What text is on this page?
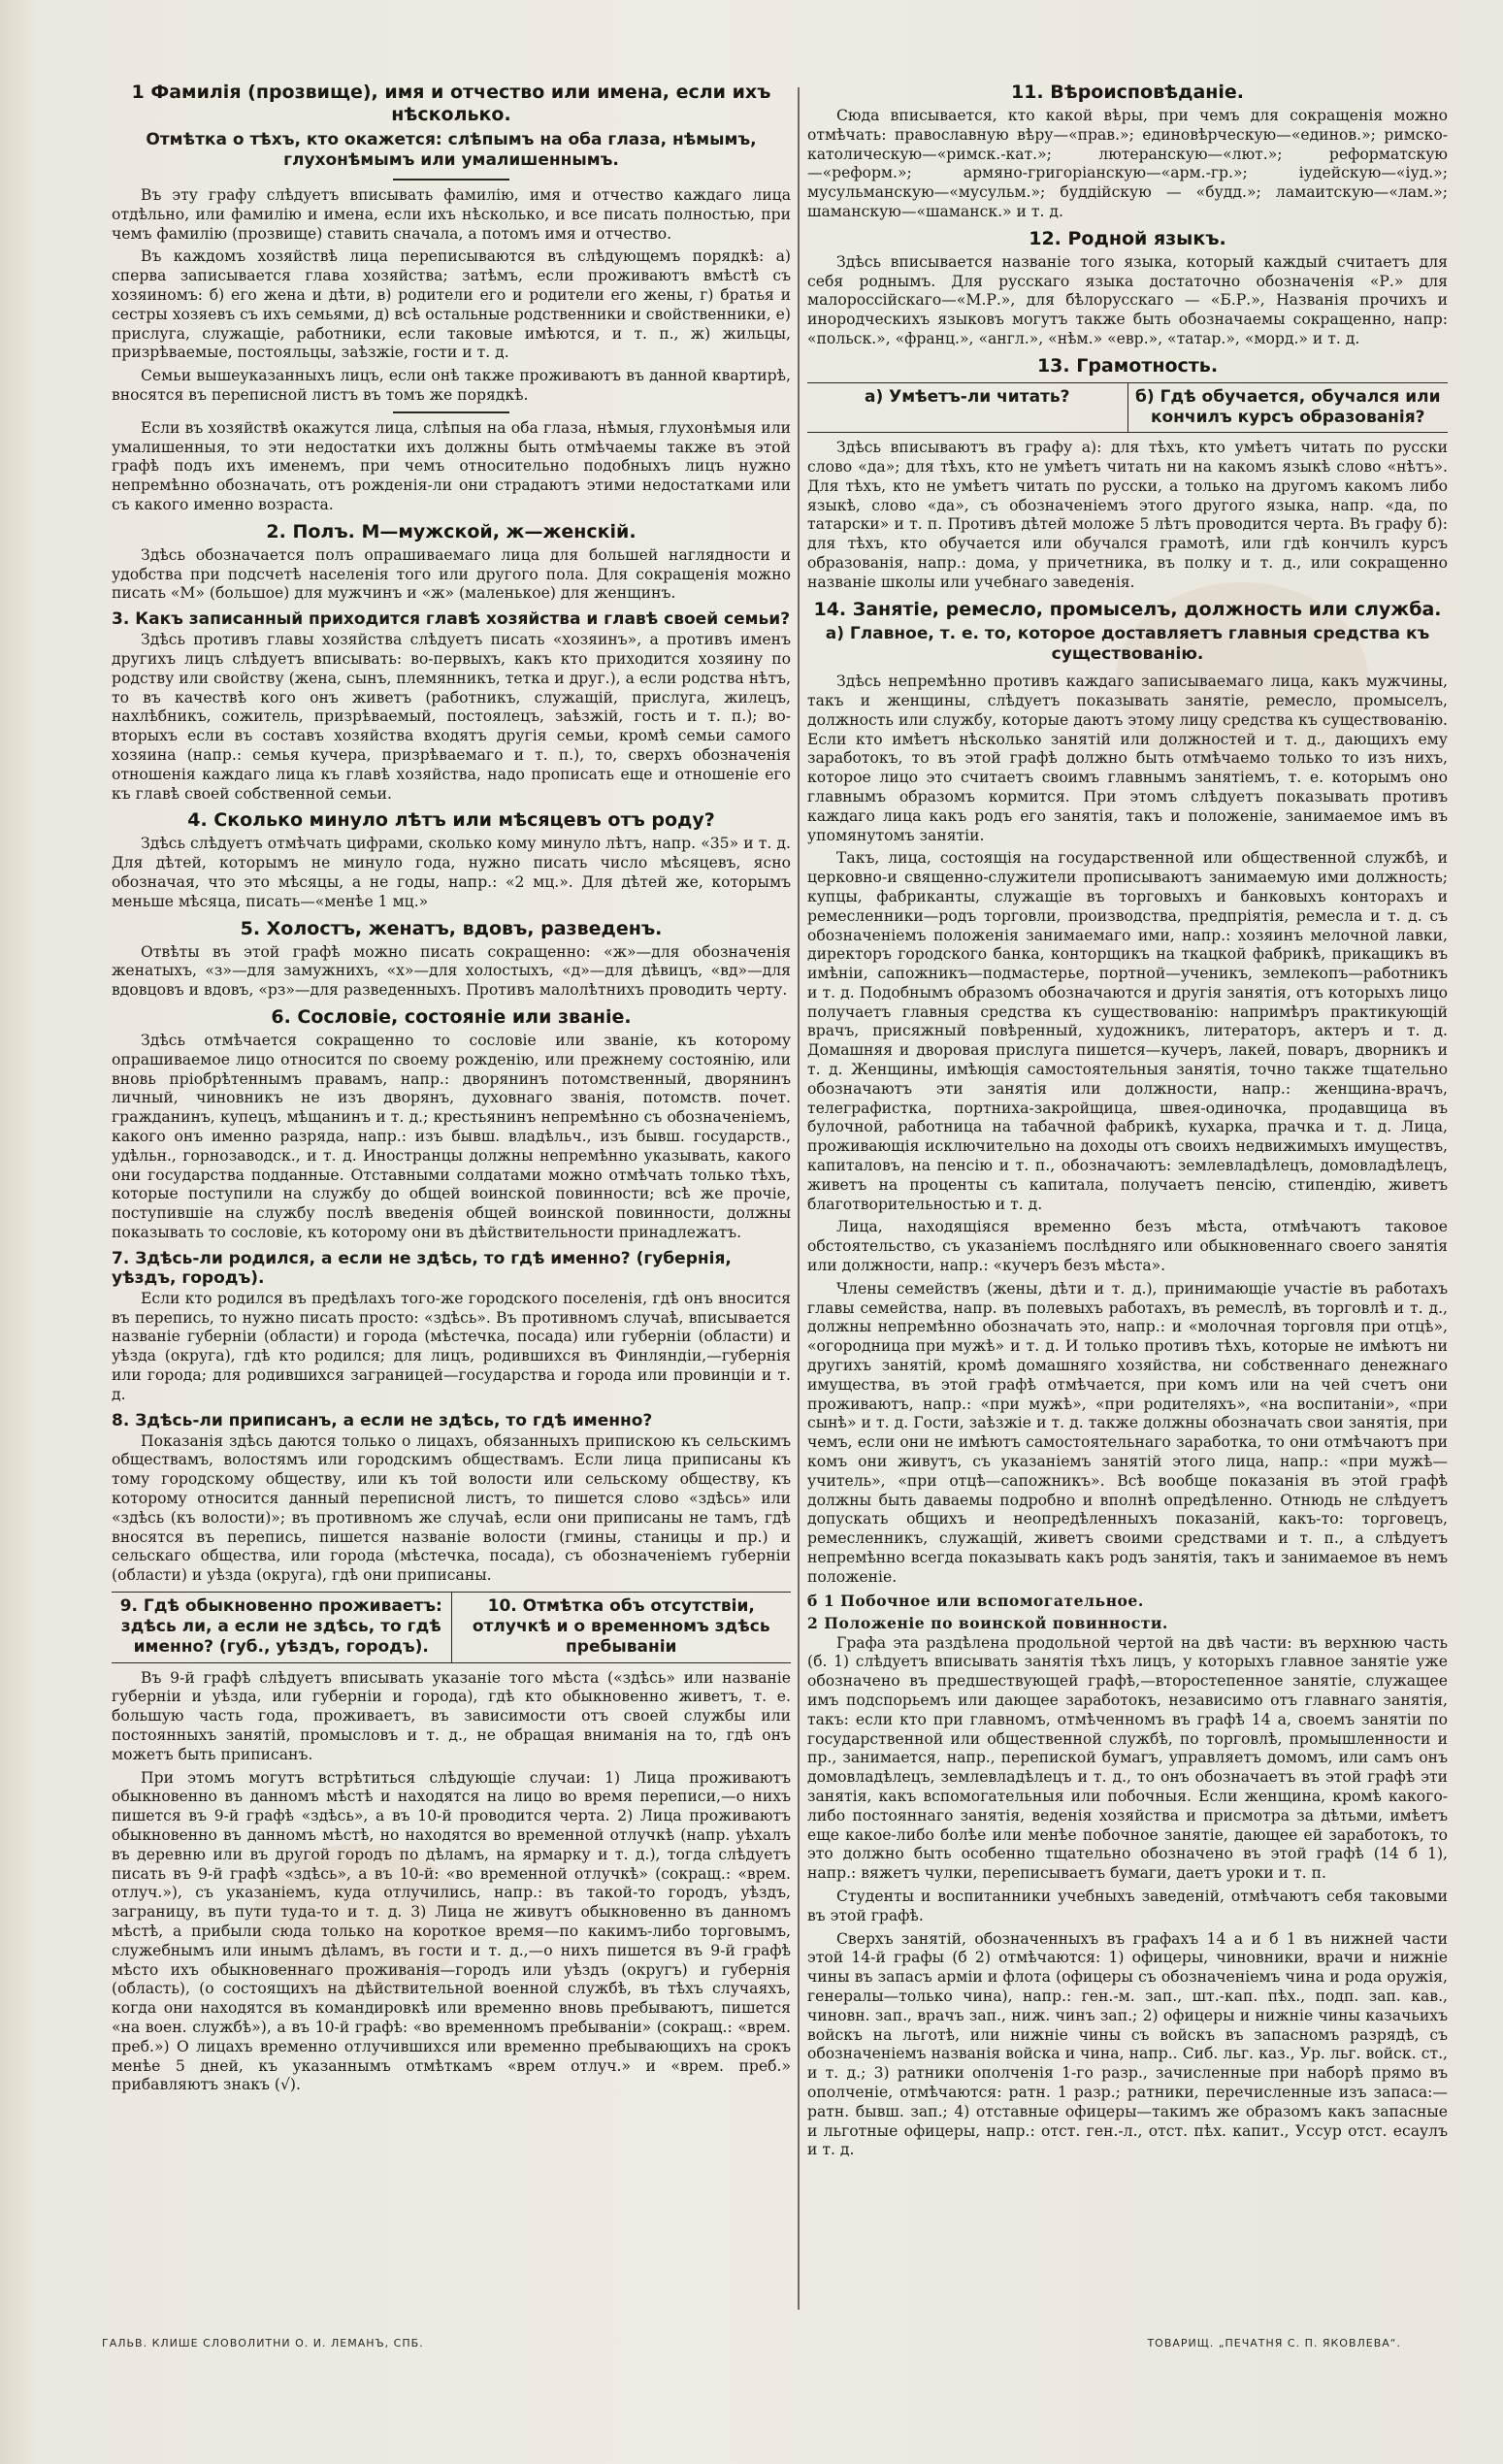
1 Фамилія (прозвище), имя и отчество или имена, если ихъ нѣсколько.
Отмѣтка о тѣхъ, кто окажется: слѣпымъ на оба глаза, нѣмымъ, глухонѣмымъ или умалишеннымъ.

Въ эту графу слѣдуетъ вписывать фамилію, имя и отчество каждаго лица отдѣльно, или фамилію и имена, если ихъ нѣсколько, и все писать полностью, при чемъ фамилію (прозвище) ставить сначала, а потомъ имя и отчество.

Въ каждомъ хозяйствѣ лица переписываются въ слѣдующемъ порядкѣ: а) сперва записывается глава хозяйства; затѣмъ, если проживаютъ вмѣстѣ съ хозяиномъ: б) его жена и дѣти, в) родители его и родители его жены, г) братья и сестры хозяевъ съ ихъ семьями, д) всѣ остальные родственники и свойственники, е) прислуга, служащіе, работники, если таковые имѣются, и т. п., ж) жильцы, призрѣваемые, постояльцы, заѣзжіе, гости и т. д.

Семьи вышеуказанныхъ лицъ, если онѣ также проживаютъ въ данной квартирѣ, вносятся въ переписной листъ въ томъ же порядкѣ.

Если въ хозяйствѣ окажутся лица, слѣпыя на оба глаза, нѣмыя, глухонѣмыя или умалишенныя, то эти недостатки ихъ должны быть отмѣчаемы также въ этой графѣ подъ ихъ именемъ, при чемъ относительно подобныхъ лицъ нужно непремѣнно обозначать, отъ рожденія-ли они страдаютъ этими недостатками или съ какого именно возраста.

2. Полъ. М—мужской, ж—женскій.

Здѣсь обозначается полъ опрашиваемаго лица для большей наглядности и удобства при подсчетѣ населенія того или другого пола. Для сокращенія можно писать «М» (большое) для мужчинъ и «ж» (маленькое) для женщинъ.

3. Какъ записанный приходится главѣ хозяйства и главѣ своей семьи?

Здѣсь противъ главы хозяйства слѣдуетъ писать «хозяинъ», а противъ именъ другихъ лицъ слѣдуетъ вписывать: во-первыхъ, какъ кто приходится хозяину по родству или свойству (жена, сынъ, племянникъ, тетка и друг.), а если родства нѣтъ, то въ качествѣ кого онъ живетъ (работникъ, служащій, прислуга, жилецъ, нахлѣбникъ, сожитель, призрѣваемый, постоялецъ, заѣзжій, гость и т. п.); во-вторыхъ если въ составъ хозяйства входятъ другія семьи, кромѣ семьи самого хозяина (напр.: семья кучера, призрѣваемаго и т. п.), то, сверхъ обозначенія отношенія каждаго лица къ главѣ хозяйства, надо прописать еще и отношеніе его къ главѣ своей собственной семьи.

4. Сколько минуло лѣтъ или мѣсяцевъ отъ роду?

Здѣсь слѣдуетъ отмѣчать цифрами, сколько кому минуло лѣтъ, напр. «35» и т. д. Для дѣтей, которымъ не минуло года, нужно писать число мѣсяцевъ, ясно обозначая, что это мѣсяцы, а не годы, напр.: «2 мц.». Для дѣтей же, которымъ меньше мѣсяца, писать—«менѣе 1 мц.»

5. Холостъ, женатъ, вдовъ, разведенъ.

Отвѣты въ этой графѣ можно писать сокращенно: «ж»—для обозначенія женатыхъ, «з»—для замужнихъ, «х»—для холостыхъ, «д»—для дѣвицъ, «вд»—для вдовцовъ и вдовъ, «рз»—для разведенныхъ. Противъ малолѣтнихъ проводить черту.

6. Сословіе, состояніе или званіе.

Здѣсь отмѣчается сокращенно то сословіе или званіе, къ которому опрашиваемое лицо относится по своему рожденію, или прежнему состоянію, или вновь пріобрѣтеннымъ правамъ, напр.: дворянинъ потомственный, дворянинъ личный, чиновникъ не изъ дворянъ, духовнаго званія, потомств. почет. гражданинъ, купецъ, мѣщанинъ и т. д.; крестьянинъ непремѣнно съ обозначеніемъ, какого онъ именно разряда, напр.: изъ бывш. владѣльч., изъ бывш. государств., удѣльн., горнозаводск., и т. д. Иностранцы должны непремѣнно указывать, какого они государства подданные. Отставными солдатами можно отмѣчать только тѣхъ, которые поступили на службу до общей воинской повинности; всѣ же прочіе, поступившіе на службу послѣ введенія общей воинской повинности, должны показывать то сословіе, къ которому они въ дѣйствительности принадлежатъ.

7. Здѣсь-ли родился, а если не здѣсь, то гдѣ именно? (губернія, уѣздъ, городъ).

Если кто родился въ предѣлахъ того-же городского поселенія, гдѣ онъ вносится въ перепись, то нужно писать просто: «здѣсь». Въ противномъ случаѣ, вписывается названіе губерніи (области) и города (мѣстечка, посада) или губерніи (области) и уѣзда (округа), гдѣ кто родился; для лицъ, родившихся въ Финляндіи,—губернія или города; для родившихся заграницей—государства и города или провинціи и т. д.

8. Здѣсь-ли приписанъ, а если не здѣсь, то гдѣ именно?

Показанія здѣсь даются только о лицахъ, обязанныхъ припискою къ сельскимъ обществамъ, волостямъ или городскимъ обществамъ. Если лица приписаны къ тому городскому обществу, или къ той волости или сельскому обществу, къ которому относится данный переписной листъ, то пишется слово «здѣсь» или «здѣсь (къ волости)»; въ противномъ же случаѣ, если они приписаны не тамъ, гдѣ вносятся въ перепись, пишется названіе волости (гмины, станицы и пр.) и сельскаго общества, или города (мѣстечка, посада), съ обозначеніемъ губерніи (области) и уѣзда (округа), гдѣ они приписаны.

9. Гдѣ обыкновенно проживаетъ: здѣсь ли, а если не здѣсь, то гдѣ именно? (губ., уѣздъ, городъ).
10. Отмѣтка объ отсутствіи, отлучкѣ и о временномъ здѣсь пребываніи

Въ 9-й графѣ слѣдуетъ вписывать указаніе того мѣста («здѣсь» или названіе губерніи и уѣзда, или губерніи и города), гдѣ кто обыкновенно живетъ, т. е. большую часть года, проживаетъ, въ зависимости отъ своей службы или постоянныхъ занятій, промысловъ и т. д., не обращая вниманія на то, гдѣ онъ можетъ быть приписанъ.

При этомъ могутъ встрѣтиться слѣдующіе случаи: 1) Лица проживаютъ обыкновенно въ данномъ мѣстѣ и находятся на лицо во время переписи,—о нихъ пишется въ 9-й графѣ «здѣсь», а въ 10-й проводится черта. 2) Лица проживаютъ обыкновенно въ данномъ мѣстѣ, но находятся во временной отлучкѣ (напр. уѣхалъ въ деревню или въ другой городъ по дѣламъ, на ярмарку и т. д.), тогда слѣдуетъ писать въ 9-й графѣ «здѣсь», а въ 10-й: «во временной отлучкѣ» (сокращ.: «врем. отлуч.»), съ указаніемъ, куда отлучились, напр.: въ такой-то городъ, уѣздъ, заграницу, въ пути туда-то и т. д. 3) Лица не живутъ обыкновенно въ данномъ мѣстѣ, а прибыли сюда только на короткое время—по какимъ-либо торговымъ, служебнымъ или инымъ дѣламъ, въ гости и т. д.,—о нихъ пишется въ 9-й графѣ мѣсто ихъ обыкновеннаго проживанія—городъ или уѣздъ (округъ) и губернія (область), (о состоящихъ на дѣйствительной военной службѣ, въ тѣхъ случаяхъ, когда они находятся въ командировкѣ или временно вновь пребываютъ, пишется «на воен. службѣ»), а въ 10-й графѣ: «во временномъ пребываніи» (сокращ.: «врем. преб.») О лицахъ временно отлучившихся или временно пребывающихъ на срокъ менѣе 5 дней, къ указаннымъ отмѣткамъ «врем отлуч.» и «врем. преб.» прибавляютъ знакъ (√).

11. Вѣроисповѣданіе.

Сюда вписывается, кто какой вѣры, при чемъ для сокращенія можно отмѣчать: православную вѣру—«прав.»; единовѣрческую—«единов.»; римско-католическую—«римск.-кат.»; лютеранскую—«лют.»; реформатскую—«реформ.»; армяно-григоріанскую—«арм.-гр.»; іудейскую—«іуд.»; мусульманскую—«мусульм.»; буддійскую — «будд.»; ламаитскую—«лам.»; шаманскую—«шаманск.» и т. д.

12. Родной языкъ.

Здѣсь вписывается названіе того языка, который каждый считаетъ для себя роднымъ. Для русскаго языка достаточно обозначенія «Р.» для малороссійскаго—«М.Р.», для бѣлорусскаго — «Б.Р.», Названія прочихъ и инородческихъ языковъ могутъ также быть обозначаемы сокращенно, напр: «польск.», «франц.», «англ.», «нѣм.» «евр.», «татар.», «морд.» и т. д.

13. Грамотность.
а) Умѣетъ-ли читать?	б) Гдѣ обучается, обучался или кончилъ курсъ образованія?

Здѣсь вписываютъ въ графу а): для тѣхъ, кто умѣетъ читать по русски слово «да»; для тѣхъ, кто не умѣетъ читать ни на какомъ языкѣ слово «нѣтъ». Для тѣхъ, кто не умѣетъ читать по русски, а только на другомъ какомъ либо языкѣ, слово «да», съ обозначеніемъ этого другого языка, напр. «да, по татарски» и т. п. Противъ дѣтей моложе 5 лѣтъ проводится черта. Въ графу б): для тѣхъ, кто обучается или обучался грамотѣ, или гдѣ кончилъ курсъ образованія, напр.: дома, у причетника, въ полку и т. д., или сокращенно названіе школы или учебнаго заведенія.

14. Занятіе, ремесло, промыселъ, должность или служба.
а) Главное, т. е. то, которое доставляетъ главныя средства къ существованію.

Здѣсь непремѣнно противъ каждаго записываемаго лица, какъ мужчины, такъ и женщины, слѣдуетъ показывать занятіе, ремесло, промыселъ, должность или службу, которые даютъ этому лицу средства къ существованію. Если кто имѣетъ нѣсколько занятій или должностей и т. д., дающихъ ему заработокъ, то въ этой графѣ должно быть отмѣчаемо только то изъ нихъ, которое лицо это считаетъ своимъ главнымъ занятіемъ, т. е. которымъ оно главнымъ образомъ кормится. При этомъ слѣдуетъ показывать противъ каждаго лица какъ родъ его занятія, такъ и положеніе, занимаемое имъ въ упомянутомъ занятіи.

Такъ, лица, состоящія на государственной или общественной службѣ, и церковно-и священно-служители прописываютъ занимаемую ими должность; купцы, фабриканты, служащіе въ торговыхъ и банковыхъ конторахъ и ремесленники—родъ торговли, производства, предпріятія, ремесла и т. д. съ обозначеніемъ положенія занимаемаго ими, напр.: хозяинъ мелочной лавки, директоръ городского банка, конторщикъ на ткацкой фабрикѣ, прикащикъ въ имѣніи, сапожникъ—подмастерье, портной—ученикъ, землекопъ—работникъ и т. д. Подобнымъ образомъ обозначаются и другія занятія, отъ которыхъ лицо получаетъ главныя средства къ существованію: напримѣръ практикующій врачъ, присяжный повѣренный, художникъ, литераторъ, актеръ и т. д. Домашняя и дворовая прислуга пишется—кучеръ, лакей, поваръ, дворникъ и т. д. Женщины, имѣющія самостоятельныя занятія, точно также тщательно обозначаютъ эти занятія или должности, напр.: женщина-врачъ, телеграфистка, портниха-закройщица, швея-одиночка, продавщица въ булочной, работница на табачной фабрикѣ, кухарка, прачка и т. д. Лица, проживающія исключительно на доходы отъ своихъ недвижимыхъ имуществъ, капиталовъ, на пенсію и т. п., обозначаютъ: землевладѣлецъ, домовладѣлецъ, живетъ на проценты съ капитала, получаетъ пенсію, стипендію, живетъ благотворительностью и т. д.

Лица, находящіяся временно безъ мѣста, отмѣчаютъ таковое обстоятельство, съ указаніемъ послѣдняго или обыкновеннаго своего занятія или должности, напр.: «кучеръ безъ мѣста».

Члены семействъ (жены, дѣти и т. д.), принимающіе участіе въ работахъ главы семейства, напр. въ полевыхъ работахъ, въ ремеслѣ, въ торговлѣ и т. д., должны непремѣнно обозначать это, напр.: и «молочная торговля при отцѣ», «огородница при мужѣ» и т. д. И только противъ тѣхъ, которые не имѣютъ ни другихъ занятій, кромѣ домашняго хозяйства, ни собственнаго денежнаго имущества, въ этой графѣ отмѣчается, при комъ или на чей счетъ они проживаютъ, напр.: «при мужѣ», «при родителяхъ», «на воспитаніи», «при сынѣ» и т. д. Гости, заѣзжіе и т. д. также должны обозначать свои занятія, при чемъ, если они не имѣютъ самостоятельнаго заработка, то они отмѣчаютъ при комъ они живутъ, съ указаніемъ занятій этого лица, напр.: «при мужѣ—учитель», «при отцѣ—сапожникъ». Всѣ вообще показанія въ этой графѣ должны быть даваемы подробно и вполнѣ опредѣленно. Отнюдь не слѣдуетъ допускать общихъ и неопредѣленныхъ показаній, какъ-то: торговецъ, ремесленникъ, служащій, живетъ своими средствами и т. п., а слѣдуетъ непремѣнно всегда показывать какъ родъ занятія, такъ и занимаемое въ немъ положеніе.

б 1 Побочное или вспомогательное.
2 Положеніе по воинской повинности.

Графа эта раздѣлена продольной чертой на двѣ части: въ верхнюю часть (б. 1) слѣдуетъ вписывать занятія тѣхъ лицъ, у которыхъ главное занятіе уже обозначено въ предшествующей графѣ,—второстепенное занятіе, служащее имъ подспорьемъ или дающее заработокъ, независимо отъ главнаго занятія, такъ: если кто при главномъ, отмѣченномъ въ графѣ 14 а, своемъ занятіи по государственной или общественной службѣ, по торговлѣ, промышленности и пр., занимается, напр., перепиской бумагъ, управляетъ домомъ, или самъ онъ домовладѣлецъ, землевладѣлецъ и т. д., то онъ обозначаетъ въ этой графѣ эти занятія, какъ вспомогательныя или побочныя. Если женщина, кромѣ какого-либо постояннаго занятія, веденія хозяйства и присмотра за дѣтьми, имѣетъ еще какое-либо болѣе или менѣе побочное занятіе, дающее ей заработокъ, то это должно быть особенно тщательно обозначено въ этой графѣ (14 б 1), напр.: вяжетъ чулки, переписываетъ бумаги, даетъ уроки и т. п.

Студенты и воспитанники учебныхъ заведеній, отмѣчаютъ себя таковыми въ этой графѣ.

Сверхъ занятій, обозначенныхъ въ графахъ 14 а и б 1 въ нижней части этой 14-й графы (б 2) отмѣчаются: 1) офицеры, чиновники, врачи и нижніе чины въ запасъ арміи и флота (офицеры съ обозначеніемъ чина и рода оружія, генералы—только чина), напр.: ген.-м. зап., шт.-кап. пѣх., подп. зап. кав., чиновн. зап., врачъ зап., ниж. чинъ зап.; 2) офицеры и нижніе чины казачьихъ войскъ на льготѣ, или нижніе чины съ войскъ въ запасномъ разрядѣ, съ обозначеніемъ названія войска и чина, напр.. Сиб. льг. каз., Ур. льг. войск. ст., и т. д.; 3) ратники ополченія 1-го разр., зачисленные при наборѣ прямо въ ополченіе, отмѣчаются: ратн. 1 разр.; ратники, перечисленные изъ запаса:—ратн. бывш. зап.; 4) отставные офицеры—такимъ же образомъ какъ запасные и льготные офицеры, напр.: отст. ген.-л., отст. пѣх. капит., Уссур отст. есаулъ и т. д.

ГАЛЬВ. КЛИШЕ СЛОВОЛИТНИ О. И. ЛЕМАНЪ, СПБ.	ТОВАРИЩ. „ПЕЧАТНЯ С. П. ЯКОВЛЕВА“.
